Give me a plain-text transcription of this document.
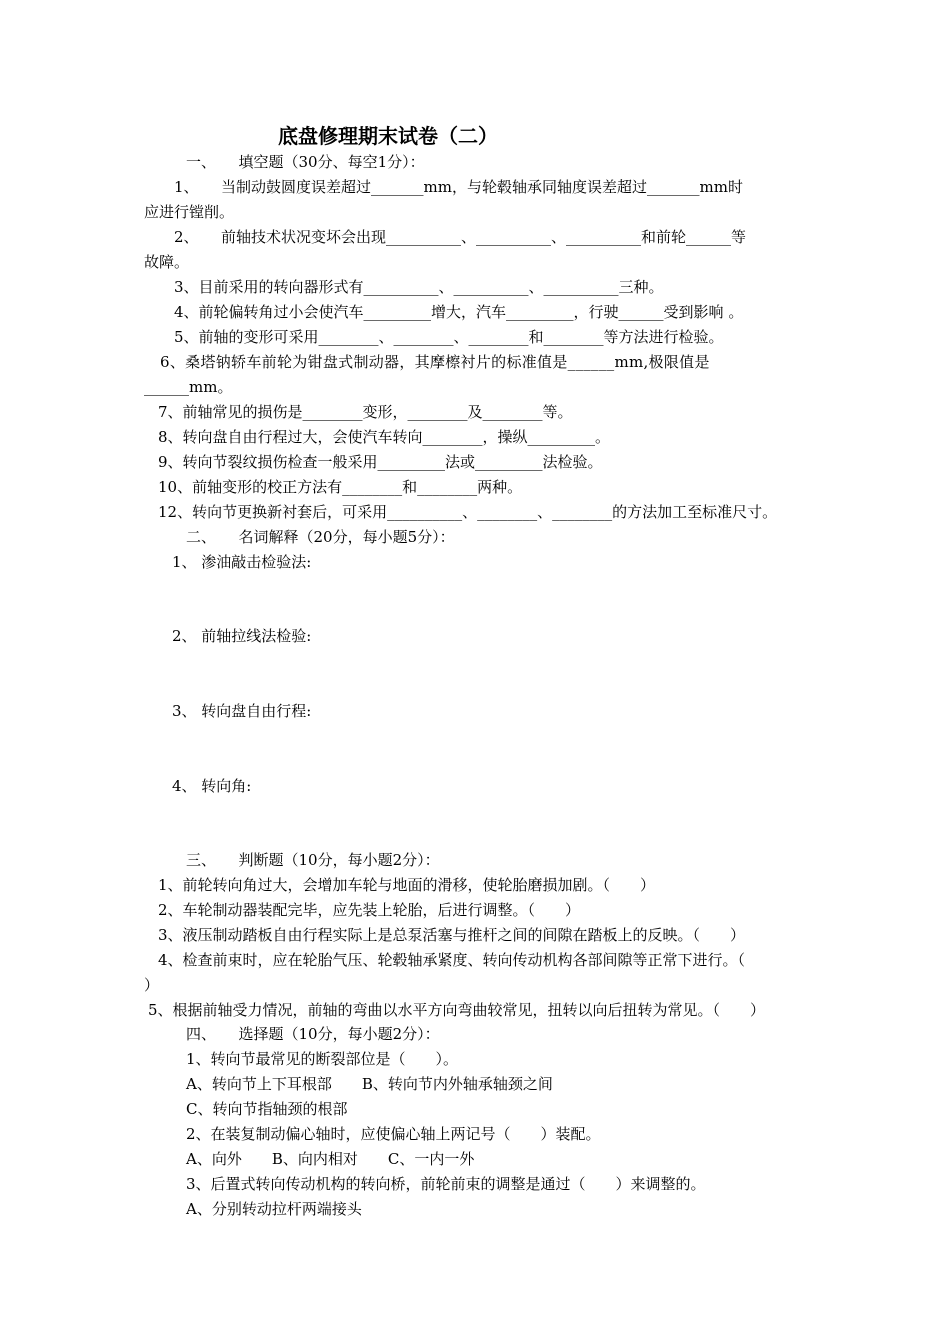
底盘修理期末试卷（二）
一、　　填空题（30分、每空1分）：
1、　　当制动鼓圆度误差超过_______mm，与轮毂轴承同轴度误差超过_______mm时
应进行镗削。
2、　　前轴技术状况变坏会出现__________、__________、__________和前轮______等
故障。
3、目前采用的转向器形式有__________、__________、__________三种。
4、前轮偏转角过小会使汽车_________增大，汽车_________，行驶______受到影响 。
5、前轴的变形可采用________、________、________和________等方法进行检验。
6、桑塔钠轿车前轮为钳盘式制动器，其摩檫衬片的标准值是______mm,极限值是
______mm。
7、前轴常见的损伤是________变形，________及________等。
8、转向盘自由行程过大，会使汽车转向________，操纵_________。
9、转向节裂纹损伤检查一般采用_________法或_________法检验。
10、前轴变形的校正方法有________和________两种。
12、转向节更换新衬套后，可采用__________、________、________的方法加工至标准尺寸。
二、　　名词解释（20分，每小题5分）：
1、 渗油敲击检验法:
2、 前轴拉线法检验:
3、 转向盘自由行程:
4、 转向角:
三、　　判断题（10分，每小题2分）：
1、前轮转向角过大，会增加车轮与地面的滑移，使轮胎磨损加剧。（　　）
2、车轮制动器装配完毕，应先装上轮胎，后进行调整。（　　）
3、液压制动踏板自由行程实际上是总泵活塞与推杆之间的间隙在踏板上的反映。（　　）
4、检查前束时，应在轮胎气压、轮毂轴承紧度、转向传动机构各部间隙等正常下进行。（
）
5、根据前轴受力情况，前轴的弯曲以水平方向弯曲较常见，扭转以向后扭转为常见。（　　）
四、　　选择题（10分，每小题2分）：
1、转向节最常见的断裂部位是（　　）。
A、转向节上下耳根部　　B、转向节内外轴承轴颈之间
C、转向节指轴颈的根部
2、在装复制动偏心轴时，应使偏心轴上两记号（　　）装配。
A、向外　　B、向内相对　　C、一内一外
3、后置式转向传动机构的转向桥，前轮前束的调整是通过（　　）来调整的。
A、分别转动拉杆两端接头
